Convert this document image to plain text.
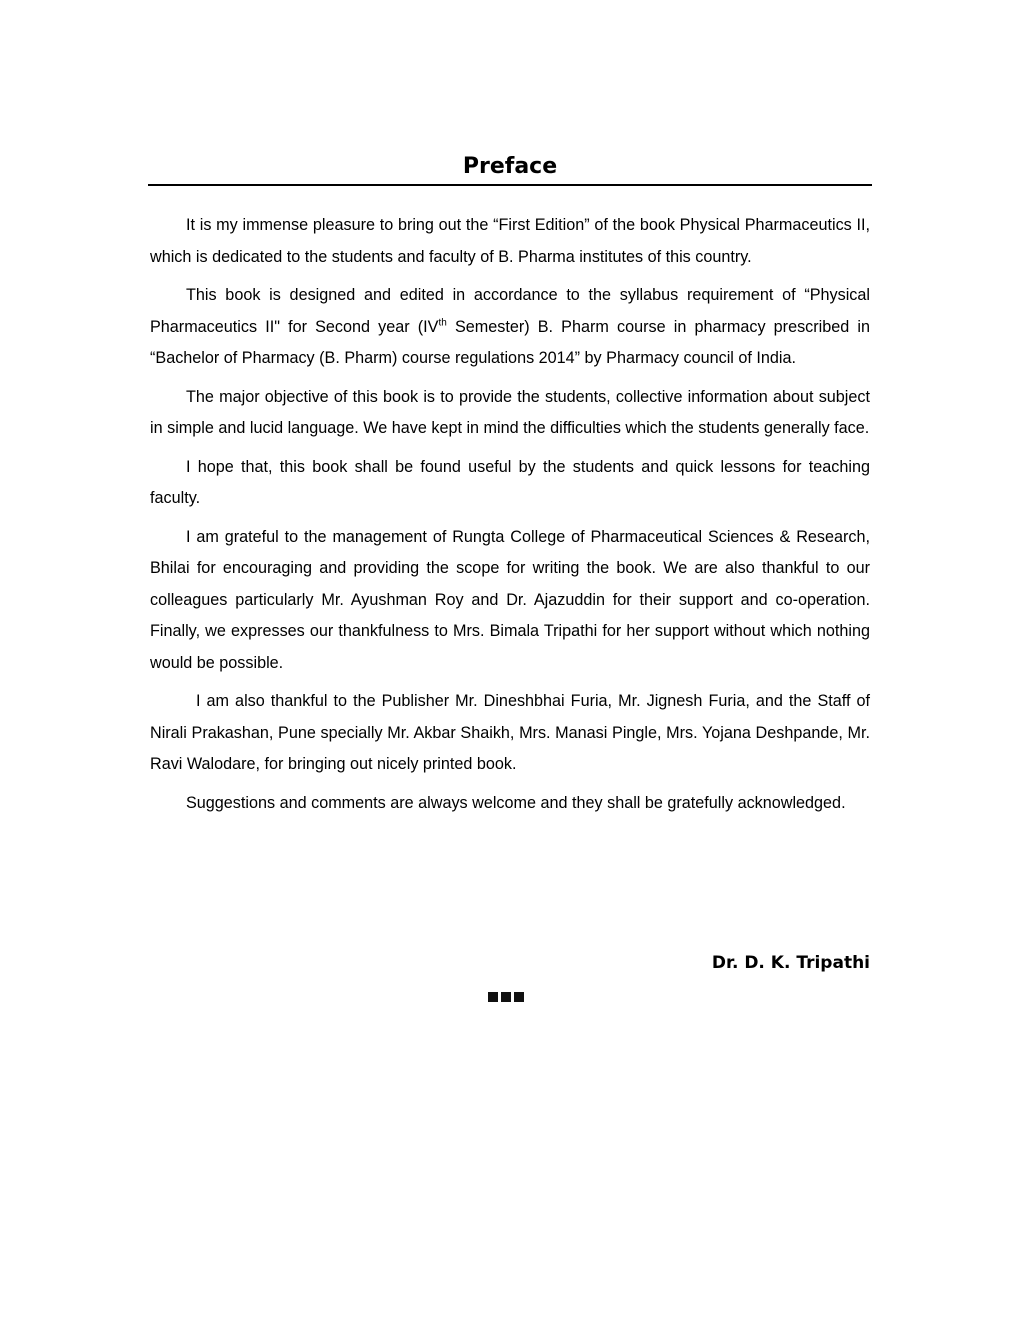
Preface

It is my immense pleasure to bring out the “First Edition” of the book Physical Pharmaceutics II, which is dedicated to the students and faculty of B. Pharma institutes of this country.

This book is designed and edited in accordance to the syllabus requirement of “Physical Pharmaceutics II" for Second year (IVth Semester) B. Pharm course in pharmacy prescribed in “Bachelor of Pharmacy (B. Pharm) course regulations 2014” by Pharmacy council of India.

The major objective of this book is to provide the students, collective information about subject in simple and lucid language. We have kept in mind the difficulties which the students generally face.

I hope that, this book shall be found useful by the students and quick lessons for teaching faculty.

I am grateful to the management of Rungta College of Pharmaceutical Sciences & Research, Bhilai for encouraging and providing the scope for writing the book. We are also thankful to our colleagues particularly Mr. Ayushman Roy and Dr. Ajazuddin for their support and co-operation. Finally, we expresses our thankfulness to Mrs. Bimala Tripathi for her support without which nothing would be possible.

I am also thankful to the Publisher Mr. Dineshbhai Furia, Mr. Jignesh Furia, and the Staff of Nirali Prakashan, Pune specially Mr. Akbar Shaikh, Mrs. Manasi Pingle, Mrs. Yojana Deshpande, Mr. Ravi Walodare, for bringing out nicely printed book.

Suggestions and comments are always welcome and they shall be gratefully acknowledged.

Dr. D. K. Tripathi
